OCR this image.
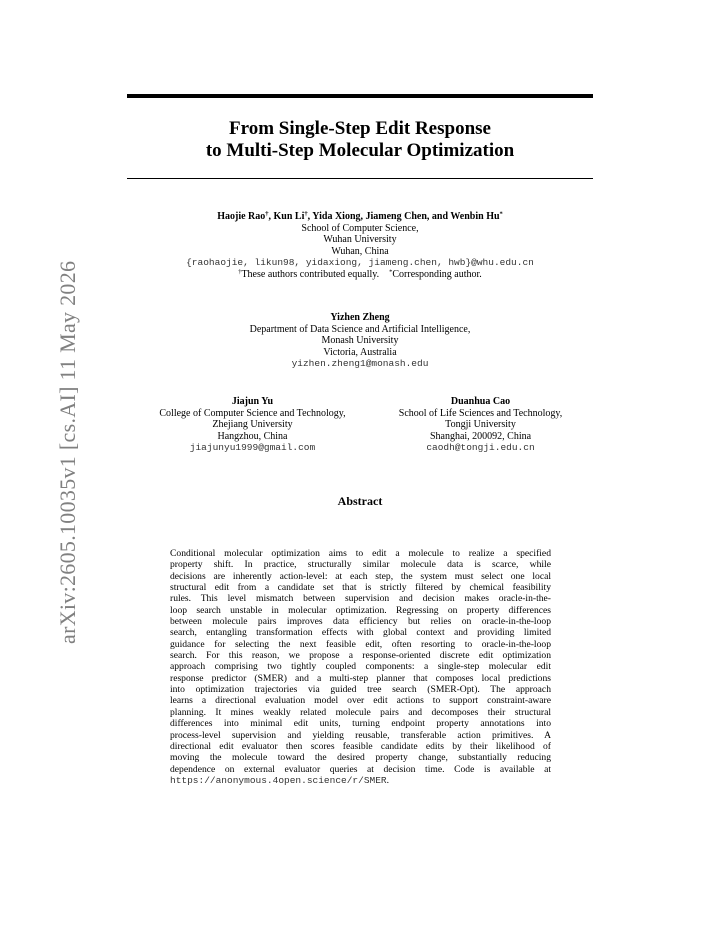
arXiv:2605.10035v1 [cs.AI] 11 May 2026
From Single-Step Edit Response
to Multi-Step Molecular Optimization
Haojie Rao†, Kun Li†, Yida Xiong, Jiameng Chen, and Wenbin Hu*
School of Computer Science,
Wuhan University
Wuhan, China
{raohaojie, likun98, yidaxiong, jiameng.chen, hwb}@whu.edu.cn
†These authors contributed equally. *Corresponding author.
Yizhen Zheng
Department of Data Science and Artificial Intelligence,
Monash University
Victoria, Australia
yizhen.zheng1@monash.edu
Jiajun Yu
College of Computer Science and Technology,
Zhejiang University
Hangzhou, China
jiajunyu1999@gmail.com
Duanhua Cao
School of Life Sciences and Technology,
Tongji University
Shanghai, 200092, China
caodh@tongji.edu.cn
Abstract
Conditional molecular optimization aims to edit a molecule to realize a specified
property shift. In practice, structurally similar molecule data is scarce, while
decisions are inherently action-level: at each step, the system must select one local
structural edit from a candidate set that is strictly filtered by chemical feasibility
rules. This level mismatch between supervision and decision makes oracle-in-the-
loop search unstable in molecular optimization. Regressing on property differences
between molecule pairs improves data efficiency but relies on oracle-in-the-loop
search, entangling transformation effects with global context and providing limited
guidance for selecting the next feasible edit, often resorting to oracle-in-the-loop
search. For this reason, we propose a response-oriented discrete edit optimization
approach comprising two tightly coupled components: a single-step molecular edit
response predictor (SMER) and a multi-step planner that composes local predictions
into optimization trajectories via guided tree search (SMER-Opt). The approach
learns a directional evaluation model over edit actions to support constraint-aware
planning. It mines weakly related molecule pairs and decomposes their structural
differences into minimal edit units, turning endpoint property annotations into
process-level supervision and yielding reusable, transferable action primitives. A
directional edit evaluator then scores feasible candidate edits by their likelihood of
moving the molecule toward the desired property change, substantially reducing
dependence on external evaluator queries at decision time. Code is available at
https://anonymous.4open.science/r/SMER.
